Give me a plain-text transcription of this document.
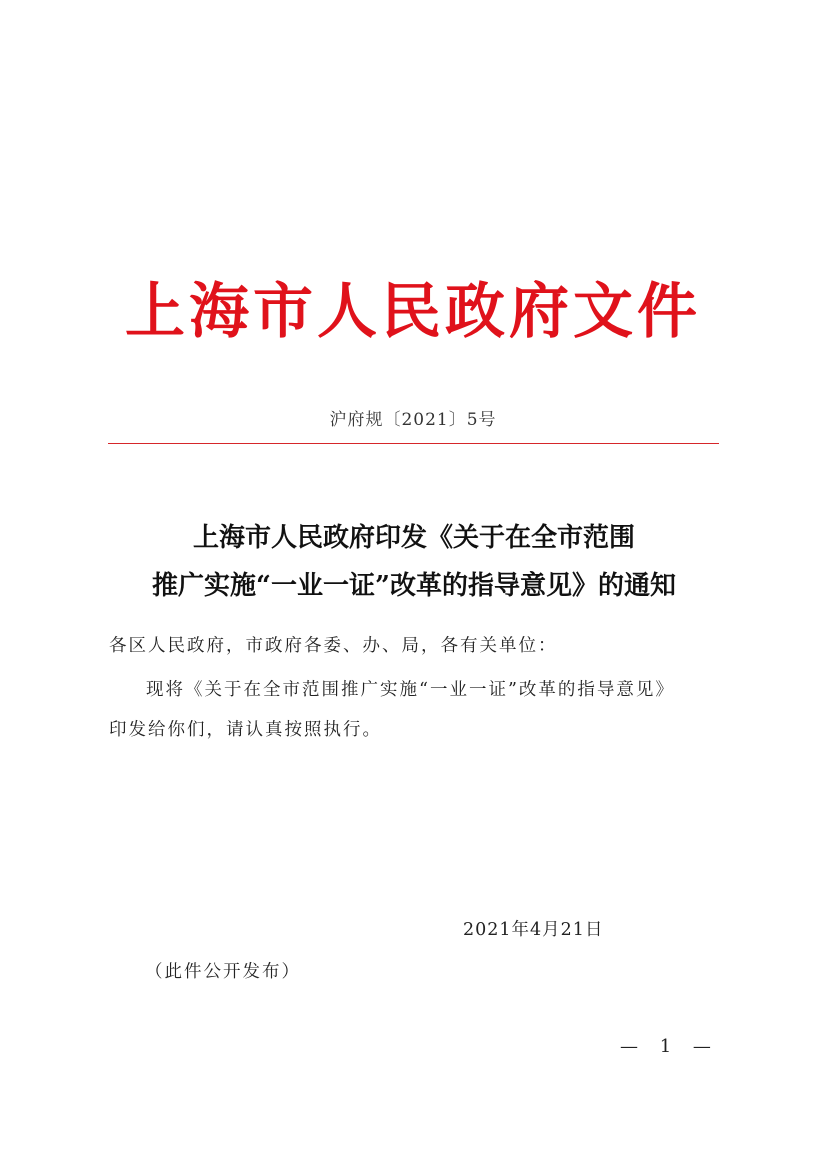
上海市人民政府文件
沪府规〔2021〕5号
上海市人民政府印发《关于在全市范围
推广实施“一业一证”改革的指导意见》的通知
各区人民政府，市政府各委、办、局，各有关单位：
现将《关于在全市范围推广实施“一业一证”改革的指导意见》
印发给你们，请认真按照执行。
2021年4月21日
（此件公开发布）
— 1 —
